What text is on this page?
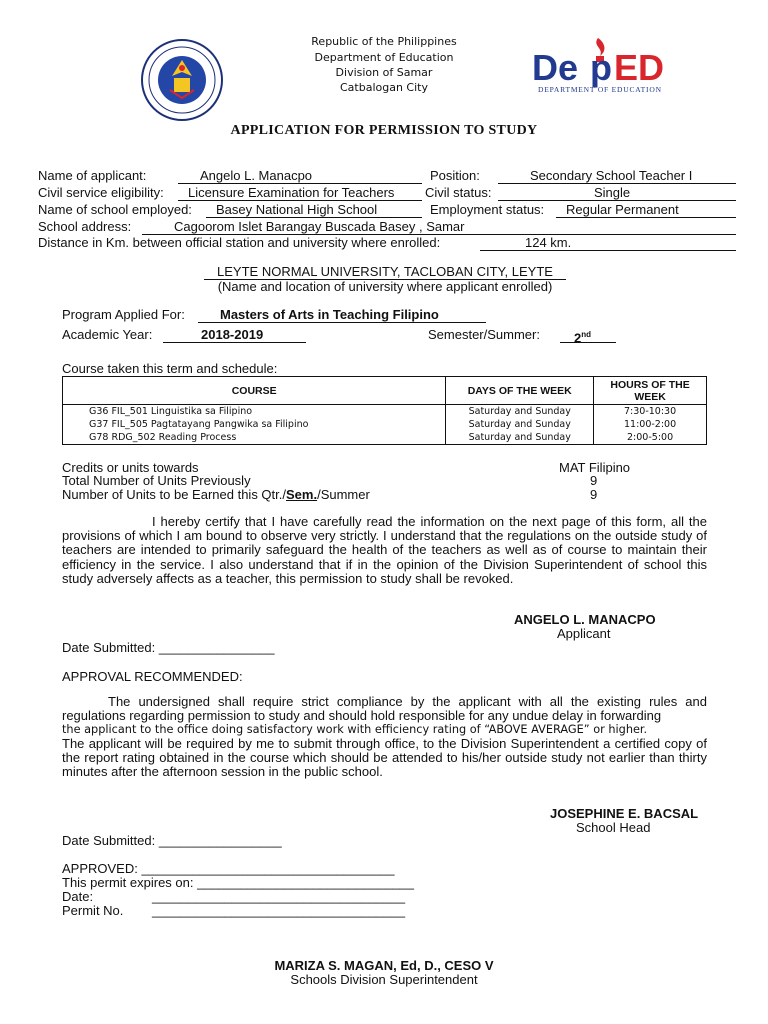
Republic of the Philippines
Department of Education
Division of Samar
Catbalogan City	De p ED
DEPARTMENT OF EDUCATION
APPLICATION FOR PERMISSION TO STUDY
Name of applicant:	Angelo L. Manacpo	Position:	Secondary School Teacher I
Civil service eligibility: Licensure Examination for Teachers Civil status:	Single
Name of school employed: Basey National High School	Employment status: Regular Permanent
School address:	Cagoorom Islet Barangay Buscada Basey , Samar
Distance in Km. between official station and university where enrolled:	124 km.
LEYTE NORMAL UNIVERSITY, TACLOBAN CITY, LEYTE
(Name and location of university where applicant enrolled)
Program Applied For:	Masters of Arts in Teaching Filipino
Academic Year:	2018-2019	Semester/Summer:	2nd
Course taken this term and schedule:
COURSE	DAYS OF THE WEEK	HOURS OF THE WEEK
G36 FIL_501 Linguistika sa Filipino	Saturday and Sunday	7:30-10:30
G37 FIL_505 Pagtatayang Pangwika sa Filipino	Saturday and Sunday	11:00-2:00
G78 RDG_502 Reading Process	Saturday and Sunday	2:00-5:00
Credits or units towards	MAT Filipino
Total Number of Units Previously	9
Number of Units to be Earned this Qtr./Sem./Summer	9
I hereby certify that I have carefully read the information on the next page of this form, all the provisions of which I am bound to observe very strictly. I understand that the regulations on the outside study of teachers are intended to primarily safeguard the health of the teachers as well as of course to maintain their efficiency in the service. I also understand that if in the opinion of the Division Superintendent of school this study adversely affects as a teacher, this permission to study shall be revoked.
ANGELO L. MANACPO
Applicant
Date Submitted: ________________
APPROVAL RECOMMENDED:
The undersigned shall require strict compliance by the applicant with all the existing rules and regulations regarding permission to study and should hold responsible for any undue delay in forwarding
the applicant to the office doing satisfactory work with efficiency rating of “ABOVE AVERAGE” or higher.
The applicant will be required by me to submit through office, to the Division Superintendent a certified copy of the report rating obtained in the course which should be attended to his/her outside study not earlier than thirty minutes after the afternoon session in the public school.
JOSEPHINE E. BACSAL
School Head
Date Submitted: _________________
APPROVED: ___________________________________
This permit expires on: ______________________________
Date:	___________________________________
Permit No. ___________________________________
MARIZA S. MAGAN, Ed, D., CESO V
Schools Division Superintendent
